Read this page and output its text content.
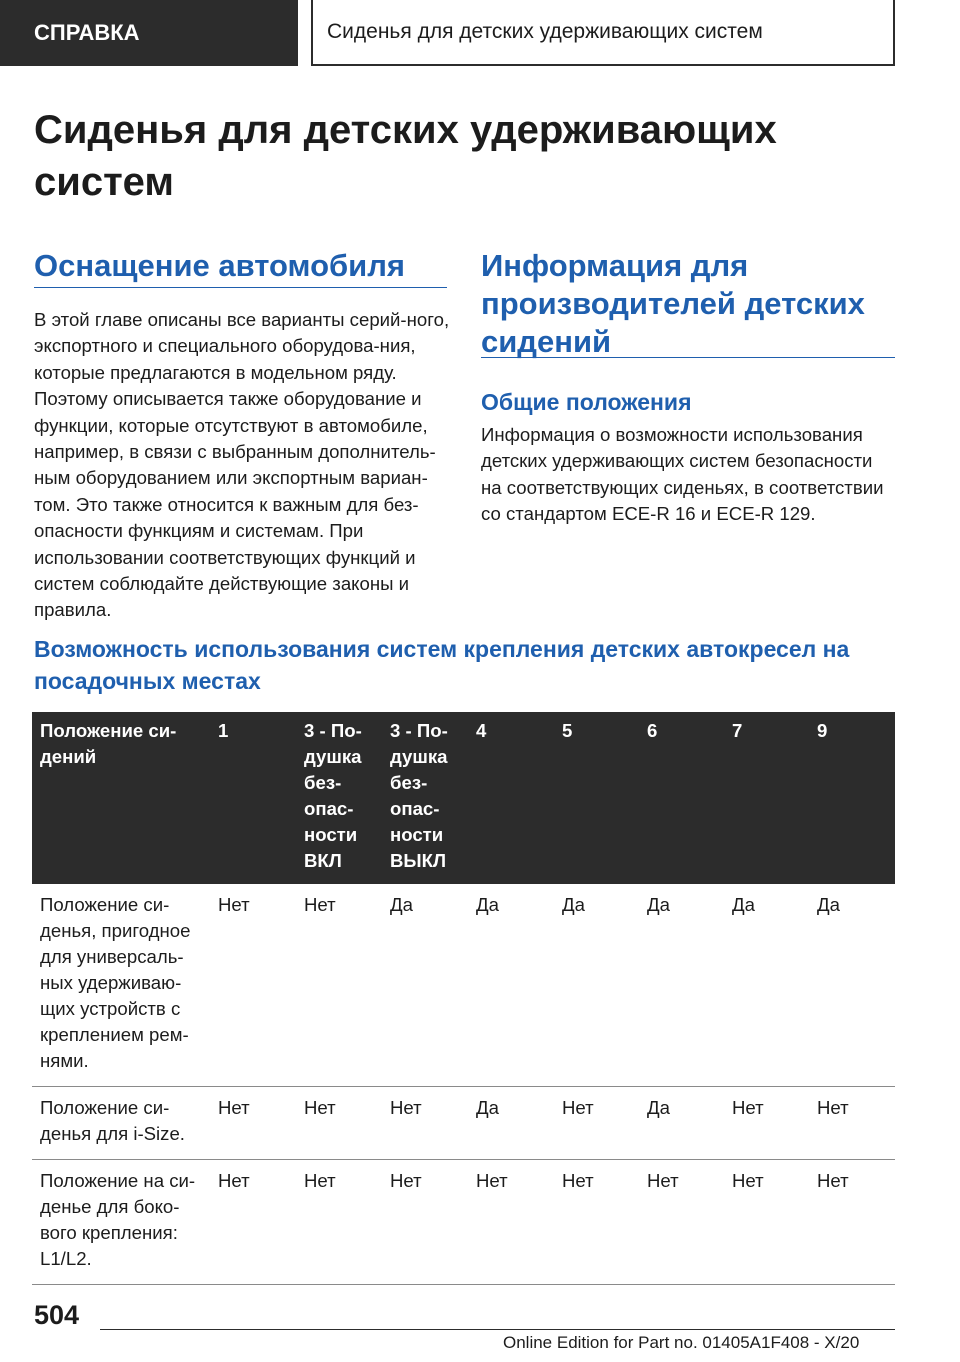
СПРАВКА	Сиденья для детских удерживающих систем
Сиденья для детских удерживающих систем
Оснащение автомобиля

В этой главе описаны все варианты серий-ного, экспортного и специального оборудова-ния, которые предлагаются в модельном ряду. Поэтому описывается также оборудование и функции, которые отсутствуют в автомобиле, например, в связи с выбранным дополнитель-ным оборудованием или экспортным вариан-том. Это также относится к важным для без-опасности функциям и системам. При использовании соответствующих функций и систем соблюдайте действующие законы и правила.

Информация для производителей детских сидений
Общие положения

Информация о возможности использования детских удерживающих систем безопасности на соответствующих сиденьях, в соответствии со стандартом ECE-R 16 и ECE-R 129.

Возможность использования систем крепления детских автокресел на посадочных местах
Положение си-дений	1	3 - По-душка без-опас-ности ВКЛ	3 - По-душка без-опас-ности ВЫКЛ	4	5	6	7	9
Положение си-денья, пригодное для универсаль-ных удерживаю-щих устройств с креплением рем-нями.	Нет	Нет	Да	Да	Да	Да	Да	Да
Положение си-денья для i-Size.	Нет	Нет	Нет	Да	Нет	Да	Нет	Нет
Положение на си-денье для боко-вого крепления: L1/L2.	Нет	Нет	Нет	Нет	Нет	Нет	Нет	Нет
504
Online Edition for Part no. 01405A1F408 - X/20
